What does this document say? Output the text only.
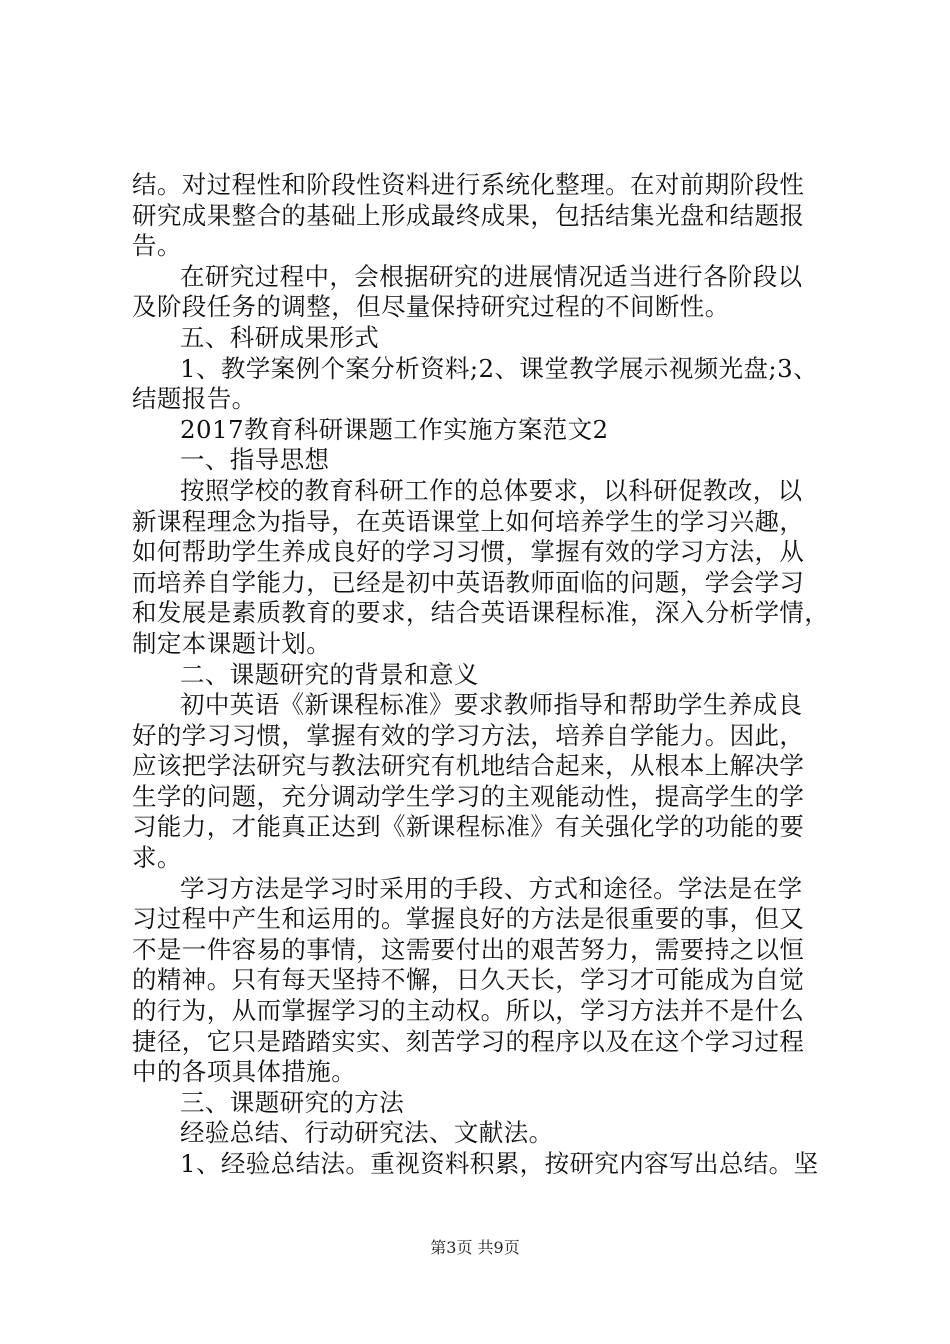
结。对过程性和阶段性资料进行系统化整理。在对前期阶段性
研究成果整合的基础上形成最终成果，包括结集光盘和结题报
告。
在研究过程中，会根据研究的进展情况适当进行各阶段以
及阶段任务的调整，但尽量保持研究过程的不间断性。
五、科研成果形式
1、教学案例个案分析资料;2、课堂教学展示视频光盘;3、
结题报告。
2017教育科研课题工作实施方案范文2
一、指导思想
按照学校的教育科研工作的总体要求，以科研促教改，以
新课程理念为指导，在英语课堂上如何培养学生的学习兴趣，
如何帮助学生养成良好的学习习惯，掌握有效的学习方法，从
而培养自学能力，已经是初中英语教师面临的问题，学会学习
和发展是素质教育的要求，结合英语课程标准，深入分析学情，
制定本课题计划。
二、课题研究的背景和意义
初中英语《新课程标准》要求教师指导和帮助学生养成良
好的学习习惯，掌握有效的学习方法，培养自学能力。因此，
应该把学法研究与教法研究有机地结合起来，从根本上解决学
生学的问题，充分调动学生学习的主观能动性，提高学生的学
习能力，才能真正达到《新课程标准》有关强化学的功能的要
求。
学习方法是学习时采用的手段、方式和途径。学法是在学
习过程中产生和运用的。掌握良好的方法是很重要的事，但又
不是一件容易的事情，这需要付出的艰苦努力，需要持之以恒
的精神。只有每天坚持不懈，日久天长，学习才可能成为自觉
的行为，从而掌握学习的主动权。所以，学习方法并不是什么
捷径，它只是踏踏实实、刻苦学习的程序以及在这个学习过程
中的各项具体措施。
三、课题研究的方法
经验总结、行动研究法、文献法。
1、经验总结法。重视资料积累，按研究内容写出总结。坚
第3页 共9页
